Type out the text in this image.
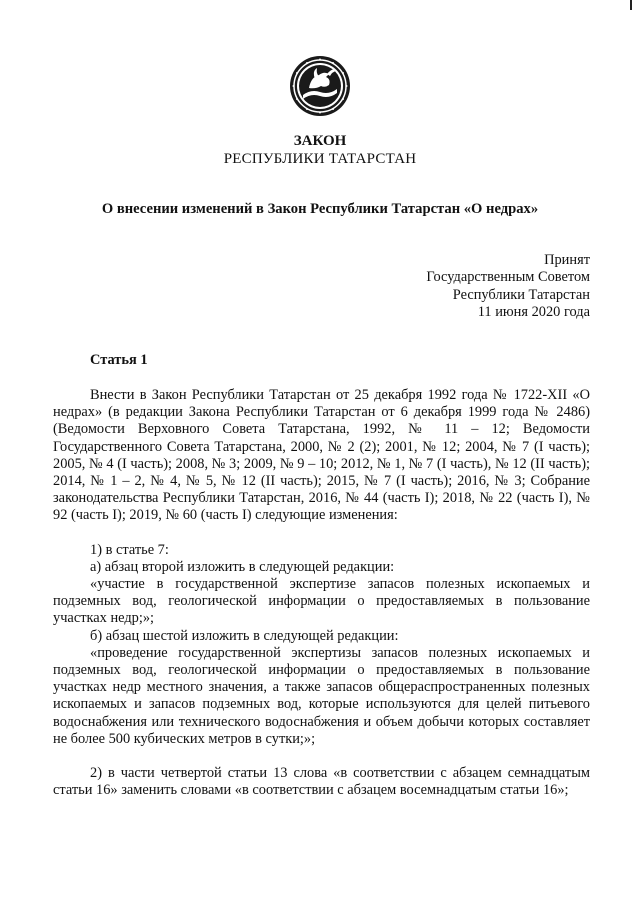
ЗАКОН
РЕСПУБЛИКИ ТАТАРСТАН
О внесении изменений в Закон Республики Татарстан «О недрах»
Принят
Государственным Советом
Республики Татарстан
11 июня 2020 года
Статья 1

Внести в Закон Республики Татарстан от 25 декабря 1992 года № 1722-XII «О недрах» (в редакции Закона Республики Татарстан от 6 декабря 1999 года № 2486) (Ведомости Верховного Совета Татарстана, 1992, № 11 – 12; Ведомости Государственного Совета Татарстана, 2000, № 2 (2); 2001, № 12; 2004, № 7 (I часть); 2005, № 4 (I часть); 2008, № 3; 2009, № 9 – 10; 2012, № 1, № 7 (I часть), № 12 (II часть); 2014, № 1 – 2, № 4, № 5, № 12 (II часть); 2015, № 7 (I часть); 2016, № 3; Собрание законодательства Республики Татарстан, 2016, № 44 (часть I); 2018, № 22 (часть I), № 92 (часть I); 2019, № 60 (часть I) следующие изменения:

1) в статье 7:

а) абзац второй изложить в следующей редакции:

«участие в государственной экспертизе запасов полезных ископаемых и подземных вод, геологической информации о предоставляемых в пользование участках недр;»;

б) абзац шестой изложить в следующей редакции:

«проведение государственной экспертизы запасов полезных ископаемых и подземных вод, геологической информации о предоставляемых в пользование участках недр местного значения, а также запасов общераспространенных полезных ископаемых и запасов подземных вод, которые используются для целей питьевого водоснабжения или технического водоснабжения и объем добычи которых составляет не более 500 кубических метров в сутки;»;

2) в части четвертой статьи 13 слова «в соответствии с абзацем семнадцатым статьи 16» заменить словами «в соответствии с абзацем восемнадцатым статьи 16»;
